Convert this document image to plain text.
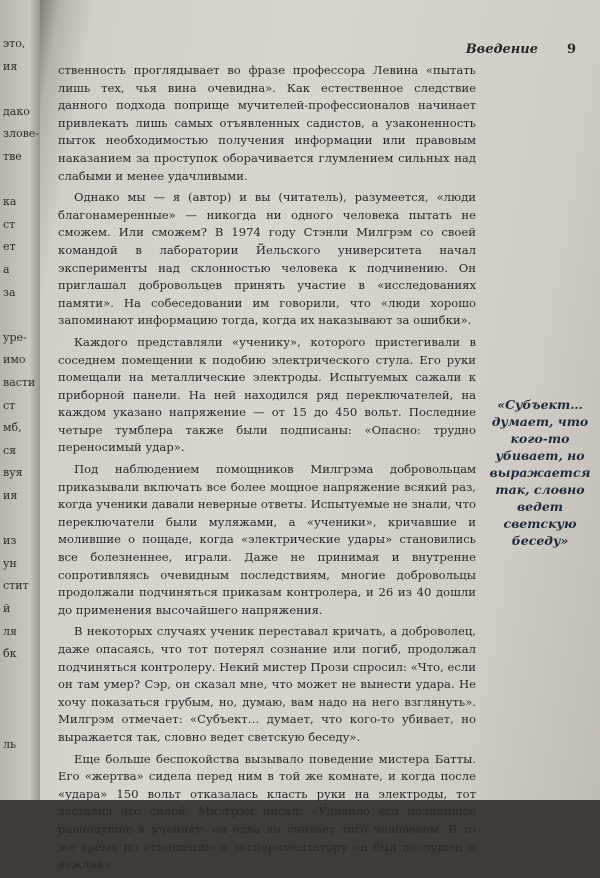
это,
ия
дако
злове-
тве
ка
ст
ет
а
за
уре-
имо
васти
ст
мб,
ся
вуя
ия
из
ун
стит
й
ля
бк
ль
Введение 9

ственность проглядывает во фразе профессора Левина «пытать лишь тех, чья вина очевидна». Как естественное следствие данного подхода поприще мучителей-профессионалов начинает привлекать лишь самых отъявленных садистов, а узаконенность пыток необходимостью получения информации или правовым наказанием за проступок оборачивается глумлением сильных над слабыми и менее удачливыми.

Однако мы — я (автор) и вы (читатель), разумеется, «люди благонамеренные» — никогда ни одного человека пытать не сможем. Или сможем? В 1974 году Стэнли Милгрэм со своей командой в лаборатории Йельского университета начал эксперименты над склонностью человека к подчинению. Он приглашал добровольцев принять участие в «исследованиях памяти». На собеседовании им говорили, что «люди хорошо запоминают информацию тогда, когда их наказывают за ошибки».

Каждого представляли «ученику», которого пристегивали в соседнем помещении к подобию электрического стула. Его руки помещали на металлические электроды. Испытуемых сажали к приборной панели. На ней находился ряд переключателей, на каждом указано напряжение — от 15 до 450 вольт. Последние четыре тумблера также были подписаны: «Опасно: трудно переносимый удар».

Под наблюдением помощников Милгрэма добровольцам приказывали включать все более мощное напряжение всякий раз, когда ученики давали неверные ответы. Испытуемые не знали, что переключатели были муляжами, а «ученики», кричавшие и молившие о пощаде, когда «электрические удары» становились все болезненнее, играли. Даже не принимая и внутренне сопротивляясь очевидным последствиям, многие добровольцы продолжали подчиняться приказам контролера, и 26 из 40 дошли до применения высочайшего напряжения.

В некоторых случаях ученик переставал кричать, а доброволец, даже опасаясь, что тот потерял сознание или погиб, продолжал подчиняться контролеру. Некий мистер Прози спросил: «Что, если он там умер? Сэр, он сказал мне, что может не вынести удара. Не хочу показаться грубым, но, думаю, вам надо на него взглянуть». Милгрэм отмечает: «Субъект… думает, что кого-то убивает, но выражается так, словно ведет светскую беседу».

Еще больше беспокойства вызывало поведение мистера Батты. Его «жертва» сидела перед ним в той же комнате, и когда после «удара» 150 вольт отказалась класть руки на электроды, тот заставил его силой. Милгрэм писал: «Удивило его полнейшее равнодушие к ученику: он едва ли считает того человеком. В то же время по отношению к экспериментатору он был послушен и вежлив».

«Субъект… думает, что кого-то убивает, но выражается так, словно ведет светскую беседу»
